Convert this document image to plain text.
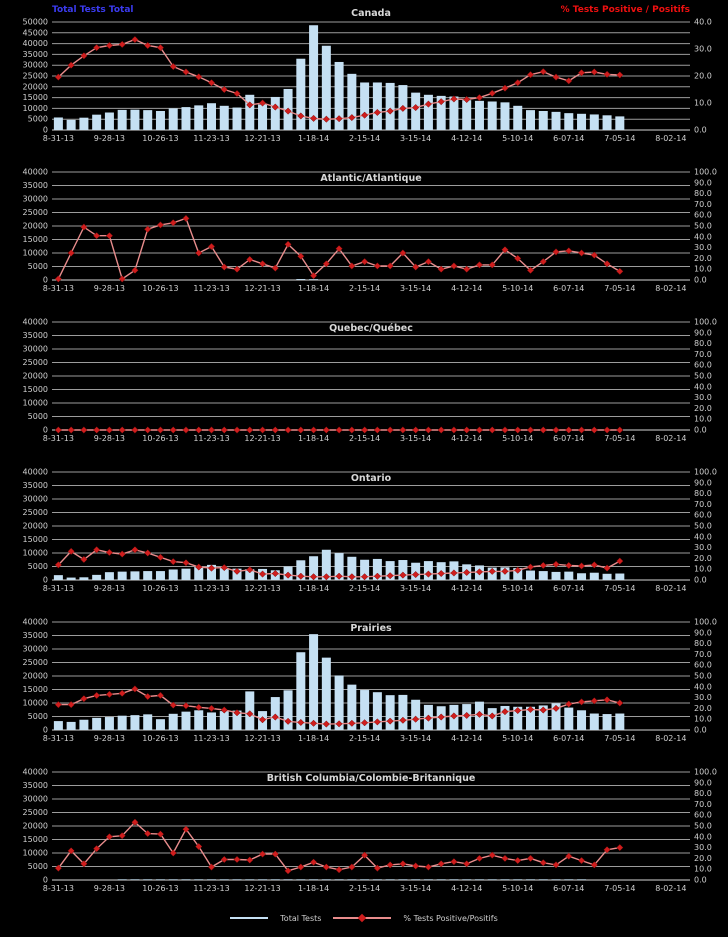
Total Tests Total	% Tests Positive / Positifs
0
5000
10000
15000
20000
25000
30000
35000
40000
45000
50000
0.0
10.0
20.0
30.0
40.0
8-31-13 9-28-13 10-26-13 11-23-13 12-21-13 1-18-14 2-15-14 3-15-14 4-12-14 5-10-14 6-07-14 7-05-14 8-02-14
Canada
0
5000
10000
15000
20000
25000
30000
35000
40000
0.0
10.0
20.0
30.0
40.0
50.0
60.0
70.0
80.0
90.0
100.0
8-31-13 9-28-13 10-26-13 11-23-13 12-21-13 1-18-14 2-15-14 3-15-14 4-12-14 5-10-14 6-07-14 7-05-14 8-02-14
Atlantic/Atlantique
0
5000
10000
15000
20000
25000
30000
35000
40000
0.0
10.0
20.0
30.0
40.0
50.0
60.0
70.0
80.0
90.0
100.0
8-31-13 9-28-13 10-26-13 11-23-13 12-21-13 1-18-14 2-15-14 3-15-14 4-12-14 5-10-14 6-07-14 7-05-14 8-02-14
Quebec/Québec
0
5000
10000
15000
20000
25000
30000
35000
40000
0.0
10.0
20.0
30.0
40.0
50.0
60.0
70.0
80.0
90.0
100.0
8-31-13 9-28-13 10-26-13 11-23-13 12-21-13 1-18-14 2-15-14 3-15-14 4-12-14 5-10-14 6-07-14 7-05-14 8-02-14
Ontario
0
5000
10000
15000
20000
25000
30000
35000
40000
0.0
10.0
20.0
30.0
40.0
50.0
60.0
70.0
80.0
90.0
100.0
8-31-13 9-28-13 10-26-13 11-23-13 12-21-13 1-18-14 2-15-14 3-15-14 4-12-14 5-10-14 6-07-14 7-05-14 8-02-14
Prairies
0
5000
10000
15000
20000
25000
30000
35000
40000
0.0
10.0
20.0
30.0
40.0
50.0
60.0
70.0
80.0
90.0
100.0
8-31-13 9-28-13 10-26-13 11-23-13 12-21-13 1-18-14 2-15-14 3-15-14 4-12-14 5-10-14 6-07-14 7-05-14 8-02-14
British Columbia/Colombie-Britannique
Total Tests	% Tests Positive/Positifs
